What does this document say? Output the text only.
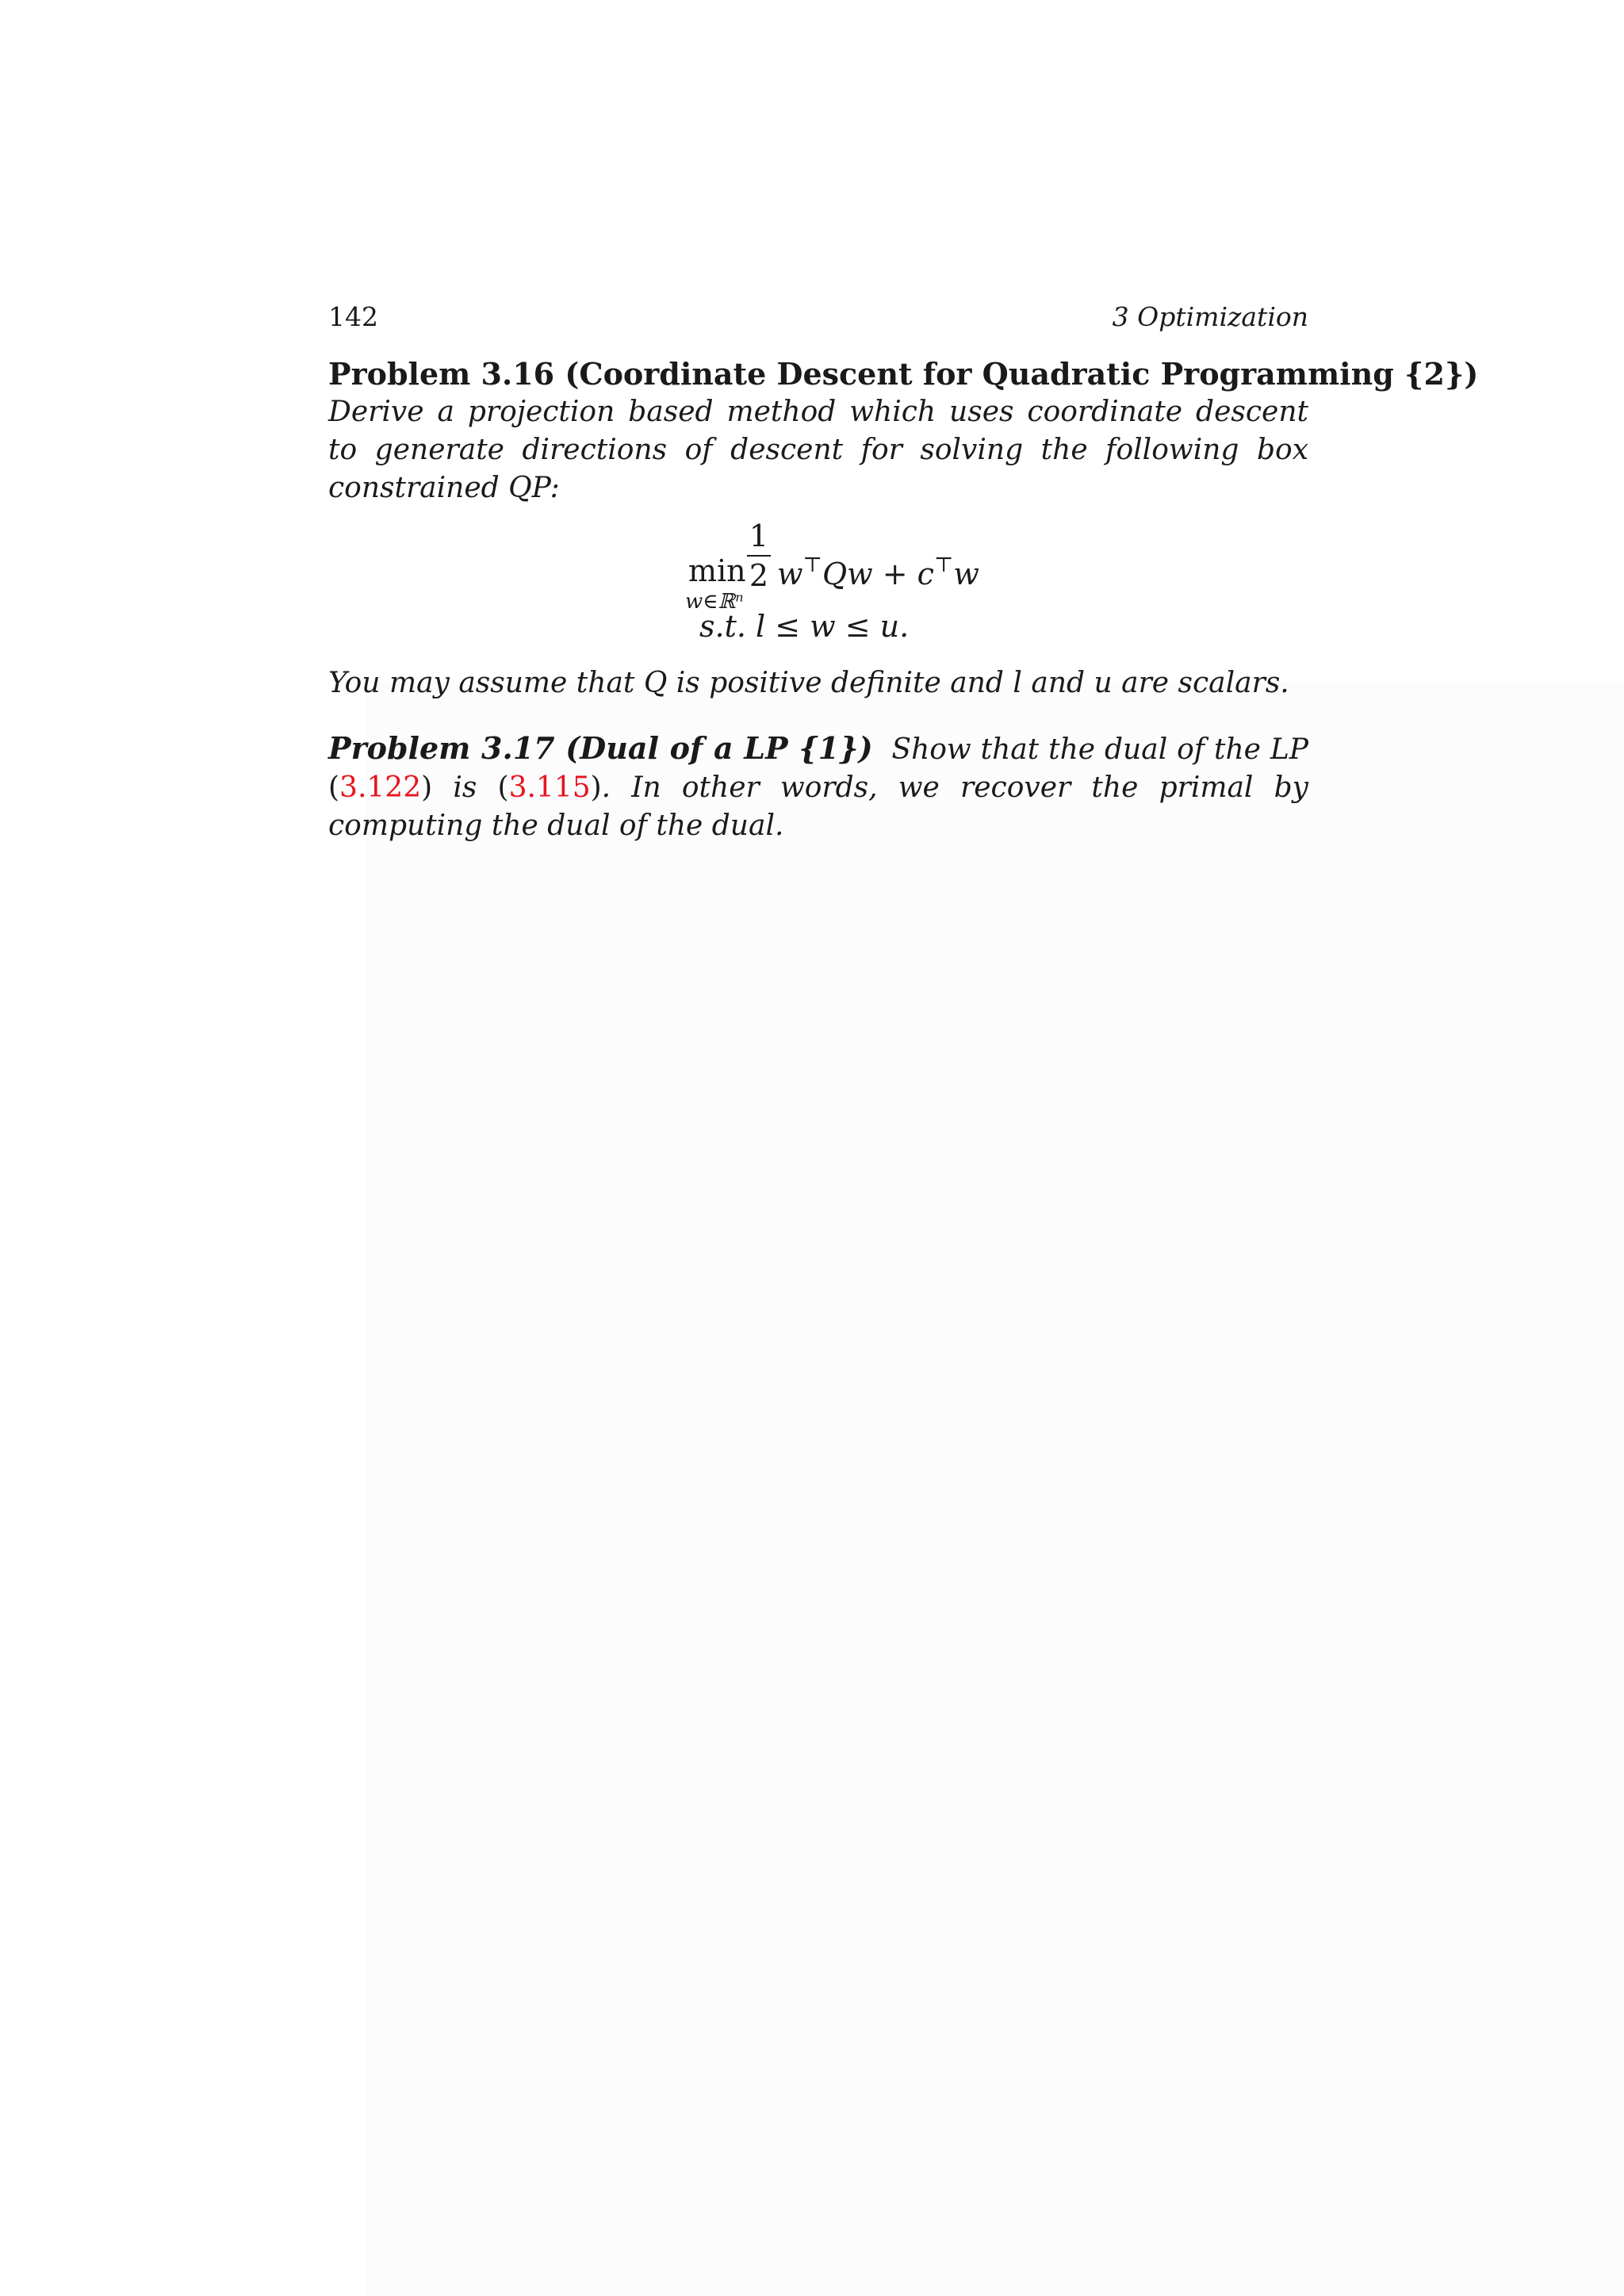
142	3 Optimization
Problem 3.16 (Coordinate Descent for Quadratic Programming {2})
Derive a projection based method which uses coordinate descent to generate directions of descent for solving the following box constrained QP:
min
w∈ℝⁿ
1
2 w⊤Qw + c⊤w
s.t. l ≤ w ≤ u.
You may assume that Q is positive definite and l and u are scalars.
Problem 3.17 (Dual of a LP {1}) Show that the dual of the LP (3.122) is (3.115). In other words, we recover the primal by computing the dual of the dual.
